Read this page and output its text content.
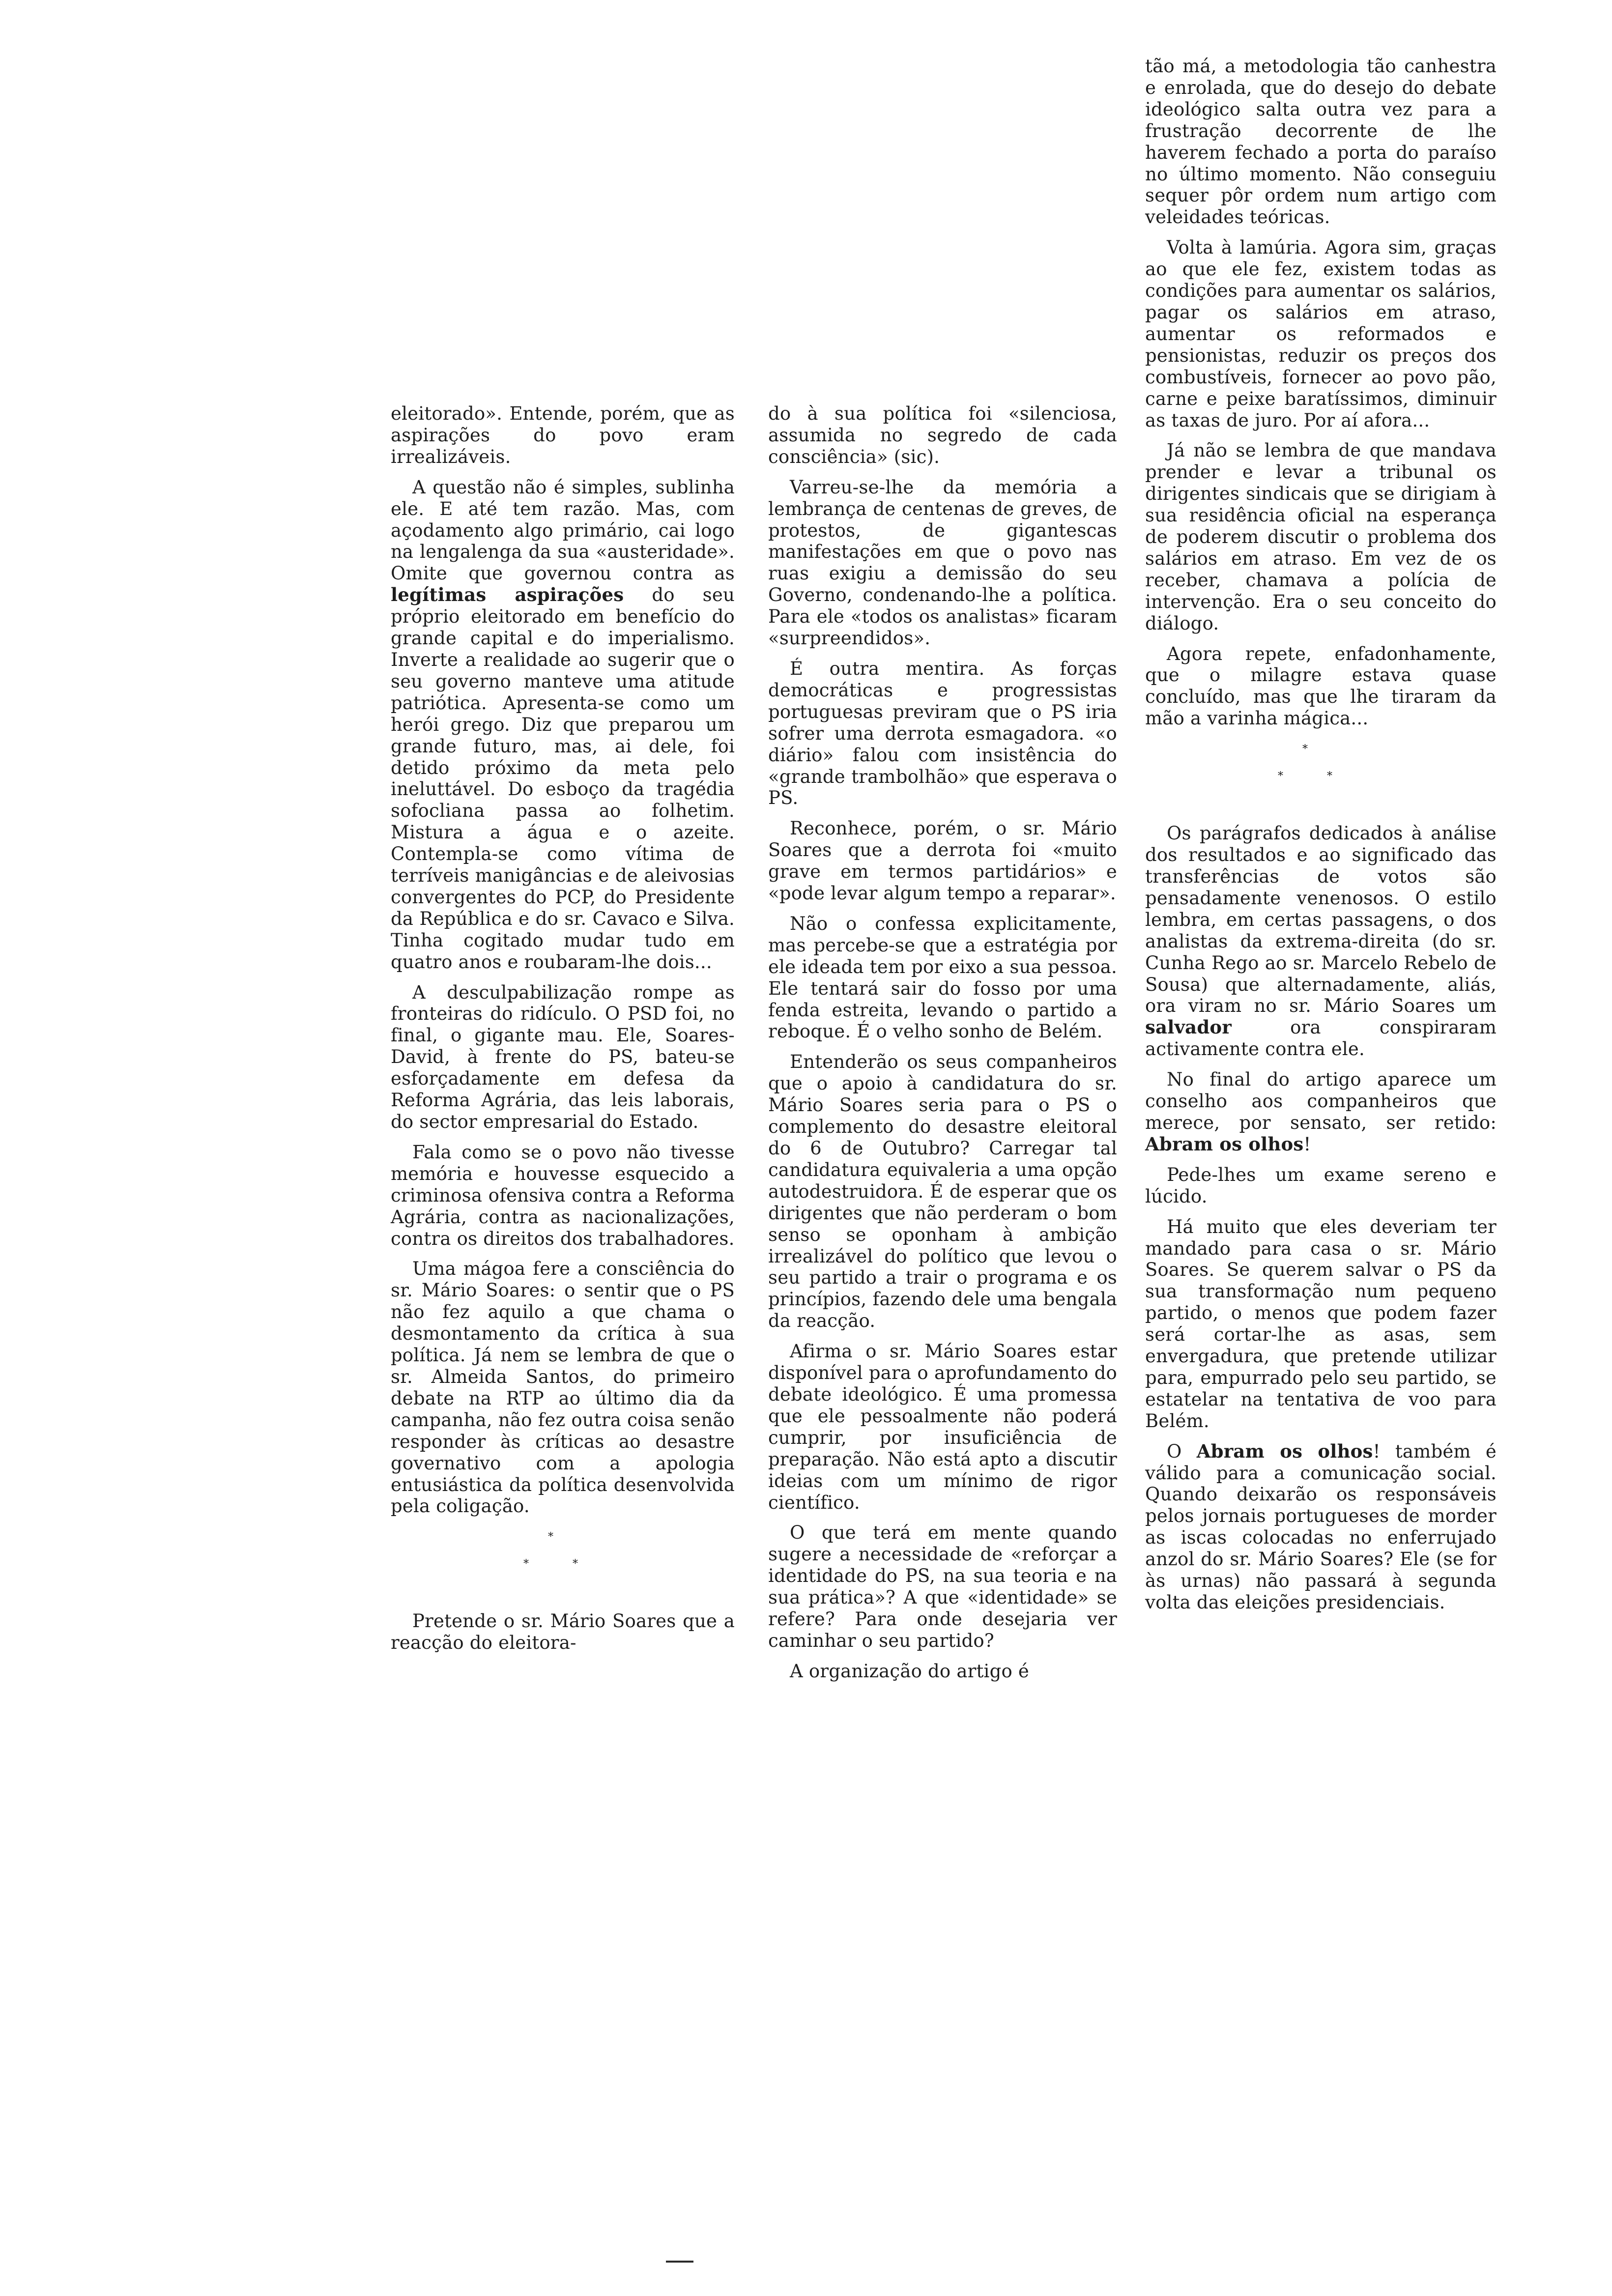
eleitorado». Entende, porém, que as aspirações do povo eram irrealizáveis.

A questão não é simples, sublinha ele. E até tem razão. Mas, com açodamento algo primário, cai logo na lengalenga da sua «austeridade». Omite que governou contra as legítimas aspirações do seu próprio eleitorado em benefício do grande capital e do imperialismo. Inverte a realidade ao sugerir que o seu governo manteve uma atitude patriótica. Apresenta-se como um herói grego. Diz que preparou um grande futuro, mas, ai dele, foi detido próximo da meta pelo ineluttável. Do esboço da tragédia sofocliana passa ao folhetim. Mistura a água e o azeite. Contempla-se como vítima de terríveis manigâncias e de aleivosias convergentes do PCP, do Presidente da República e do sr. Cavaco e Silva. Tinha cogitado mudar tudo em quatro anos e roubaram-lhe dois...

A desculpabilização rompe as fronteiras do ridículo. O PSD foi, no final, o gigante mau. Ele, Soares-David, à frente do PS, bateu-se esforçadamente em defesa da Reforma Agrária, das leis laborais, do sector empresarial do Estado.

Fala como se o povo não tivesse memória e houvesse esquecido a criminosa ofensiva contra a Reforma Agrária, contra as nacionalizações, contra os direitos dos trabalhadores.

Uma mágoa fere a consciência do sr. Mário Soares: o sentir que o PS não fez aquilo a que chama o desmontamento da crítica à sua política. Já nem se lembra de que o sr. Almeida Santos, do primeiro debate na RTP ao último dia da campanha, não fez outra coisa senão responder às críticas ao desastre governativo com a apologia entusiástica da política desenvolvida pela coligação.

*
*	*

Pretende o sr. Mário Soares que a reacção do eleitora-

do à sua política foi «silenciosa, assumida no segredo de cada consciência» (sic).

Varreu-se-lhe da memória a lembrança de centenas de greves, de protestos, de gigantescas manifestações em que o povo nas ruas exigiu a demissão do seu Governo, condenando-lhe a política. Para ele «todos os analistas» ficaram «surpreendidos».

É outra mentira. As forças democráticas e progressistas portuguesas previram que o PS iria sofrer uma derrota esmagadora. «o diário» falou com insistência do «grande trambolhão» que esperava o PS.

Reconhece, porém, o sr. Mário Soares que a derrota foi «muito grave em termos partidários» e «pode levar algum tempo a reparar».

Não o confessa explicitamente, mas percebe-se que a estratégia por ele ideada tem por eixo a sua pessoa. Ele tentará sair do fosso por uma fenda estreita, levando o partido a reboque. É o velho sonho de Belém.

Entenderão os seus companheiros que o apoio à candidatura do sr. Mário Soares seria para o PS o complemento do desastre eleitoral do 6 de Outubro? Carregar tal candidatura equivaleria a uma opção autodestruidora. É de esperar que os dirigentes que não perderam o bom senso se oponham à ambição irrealizável do político que levou o seu partido a trair o programa e os princípios, fazendo dele uma bengala da reacção.

Afirma o sr. Mário Soares estar disponível para o aprofundamento do debate ideológico. É uma promessa que ele pessoalmente não poderá cumprir, por insuficiência de preparação. Não está apto a discutir ideias com um mínimo de rigor científico.

O que terá em mente quando sugere a necessidade de «reforçar a identidade do PS, na sua teoria e na sua prática»? A que «identidade» se refere? Para onde desejaria ver caminhar o seu partido?

A organização do artigo é

tão má, a metodologia tão canhestra e enrolada, que do desejo do debate ideológico salta outra vez para a frustração decorrente de lhe haverem fechado a porta do paraíso no último momento. Não conseguiu sequer pôr ordem num artigo com veleidades teóricas.

Volta à lamúria. Agora sim, graças ao que ele fez, existem todas as condições para aumentar os salários, pagar os salários em atraso, aumentar os reformados e pensionistas, reduzir os preços dos combustíveis, fornecer ao povo pão, carne e peixe baratíssimos, diminuir as taxas de juro. Por aí afora...

Já não se lembra de que mandava prender e levar a tribunal os dirigentes sindicais que se dirigiam à sua residência oficial na esperança de poderem discutir o problema dos salários em atraso. Em vez de os receber, chamava a polícia de intervenção. Era o seu conceito do diálogo.

Agora repete, enfadonhamente, que o milagre estava quase concluído, mas que lhe tiraram da mão a varinha mágica...

*
*	*

Os parágrafos dedicados à análise dos resultados e ao significado das transferências de votos são pensadamente venenosos. O estilo lembra, em certas passagens, o dos analistas da extrema-direita (do sr. Cunha Rego ao sr. Marcelo Rebelo de Sousa) que alternadamente, aliás, ora viram no sr. Mário Soares um salvador ora conspiraram activamente contra ele.

No final do artigo aparece um conselho aos companheiros que merece, por sensato, ser retido: Abram os olhos!

Pede-lhes um exame sereno e lúcido.

Há muito que eles deveriam ter mandado para casa o sr. Mário Soares. Se querem salvar o PS da sua transformação num pequeno partido, o menos que podem fazer será cortar-lhe as asas, sem envergadura, que pretende utilizar para, empurrado pelo seu partido, se estatelar na tentativa de voo para Belém.

O Abram os olhos! também é válido para a comunicação social. Quando deixarão os responsáveis pelos jornais portugueses de morder as iscas colocadas no enferrujado anzol do sr. Mário Soares? Ele (se for às urnas) não passará à segunda volta das eleições presidenciais.
